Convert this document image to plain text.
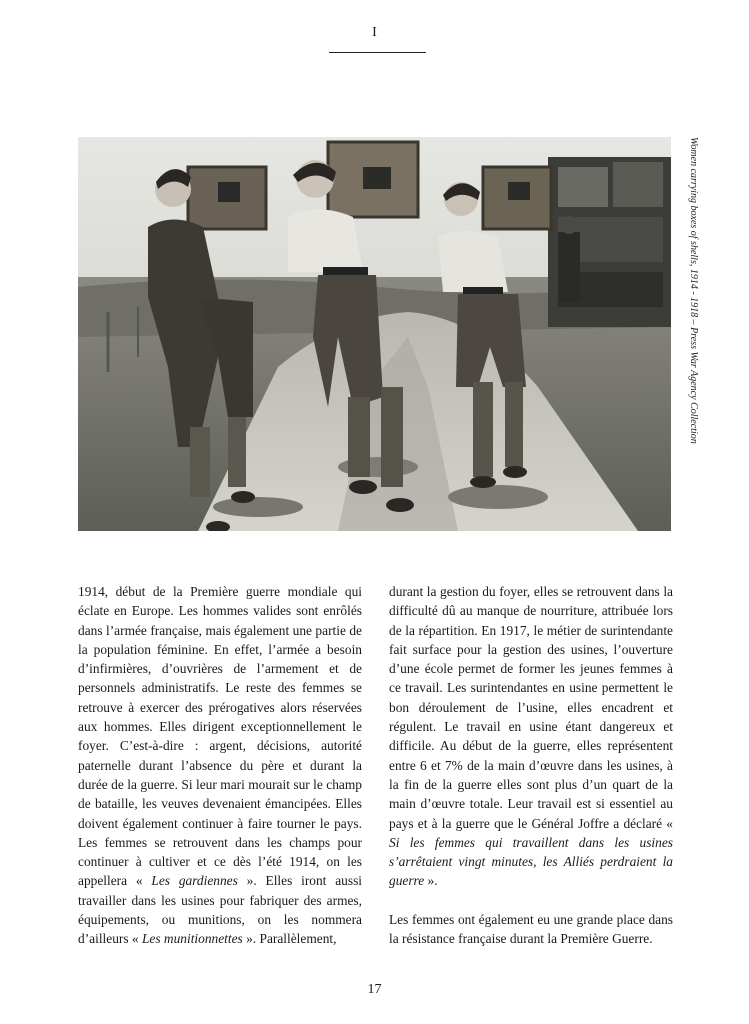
I
Women carrying boxes of shells, 1914 - 1918 – Press War Agency Collection

1914, début de la Première guerre mondiale qui éclate en Europe. Les hommes valides sont enrôlés dans l’armée française, mais également une partie de la population féminine. En effet, l’armée a besoin d’infirmières, d’ouvrières de l’armement et de personnels administratifs. Le reste des femmes se retrouve à exercer des prérogatives alors réservées aux hommes. Elles dirigent exceptionnellement le foyer. C’est-à-dire : argent, décisions, autorité paternelle durant l’absence du père et durant la durée de la guerre. Si leur mari mourait sur le champ de bataille, les veuves devenaient émancipées. Elles doivent également continuer à faire tourner le pays. Les femmes se retrouvent dans les champs pour continuer à cultiver et ce dès l’été 1914, on les appellera « Les gardiennes ». Elles iront aussi travailler dans les usines pour fabriquer des armes, équipements, ou munitions, on les nommera d’ailleurs « Les munitionnettes ». Parallèlement,

durant la gestion du foyer, elles se retrouvent dans la difficulté dû au manque de nourriture, attribuée lors de la répartition. En 1917, le métier de surintendante fait surface pour la gestion des usines, l’ouverture d’une école permet de former les jeunes femmes à ce travail. Les surintendantes en usine permettent le bon déroulement de l’usine, elles encadrent et régulent. Le travail en usine étant dangereux et difficile. Au début de la guerre, elles représentent entre 6 et 7% de la main d’œuvre dans les usines, à la fin de la guerre elles sont plus d’un quart de la main d’œuvre totale. Leur travail est si essentiel au pays et à la guerre que le Général Joffre a déclaré « Si les femmes qui travaillent dans les usines s’arrêtaient vingt minutes, les Alliés perdraient la guerre ».

Les femmes ont également eu une grande place dans la résistance française durant la Première Guerre.

17
